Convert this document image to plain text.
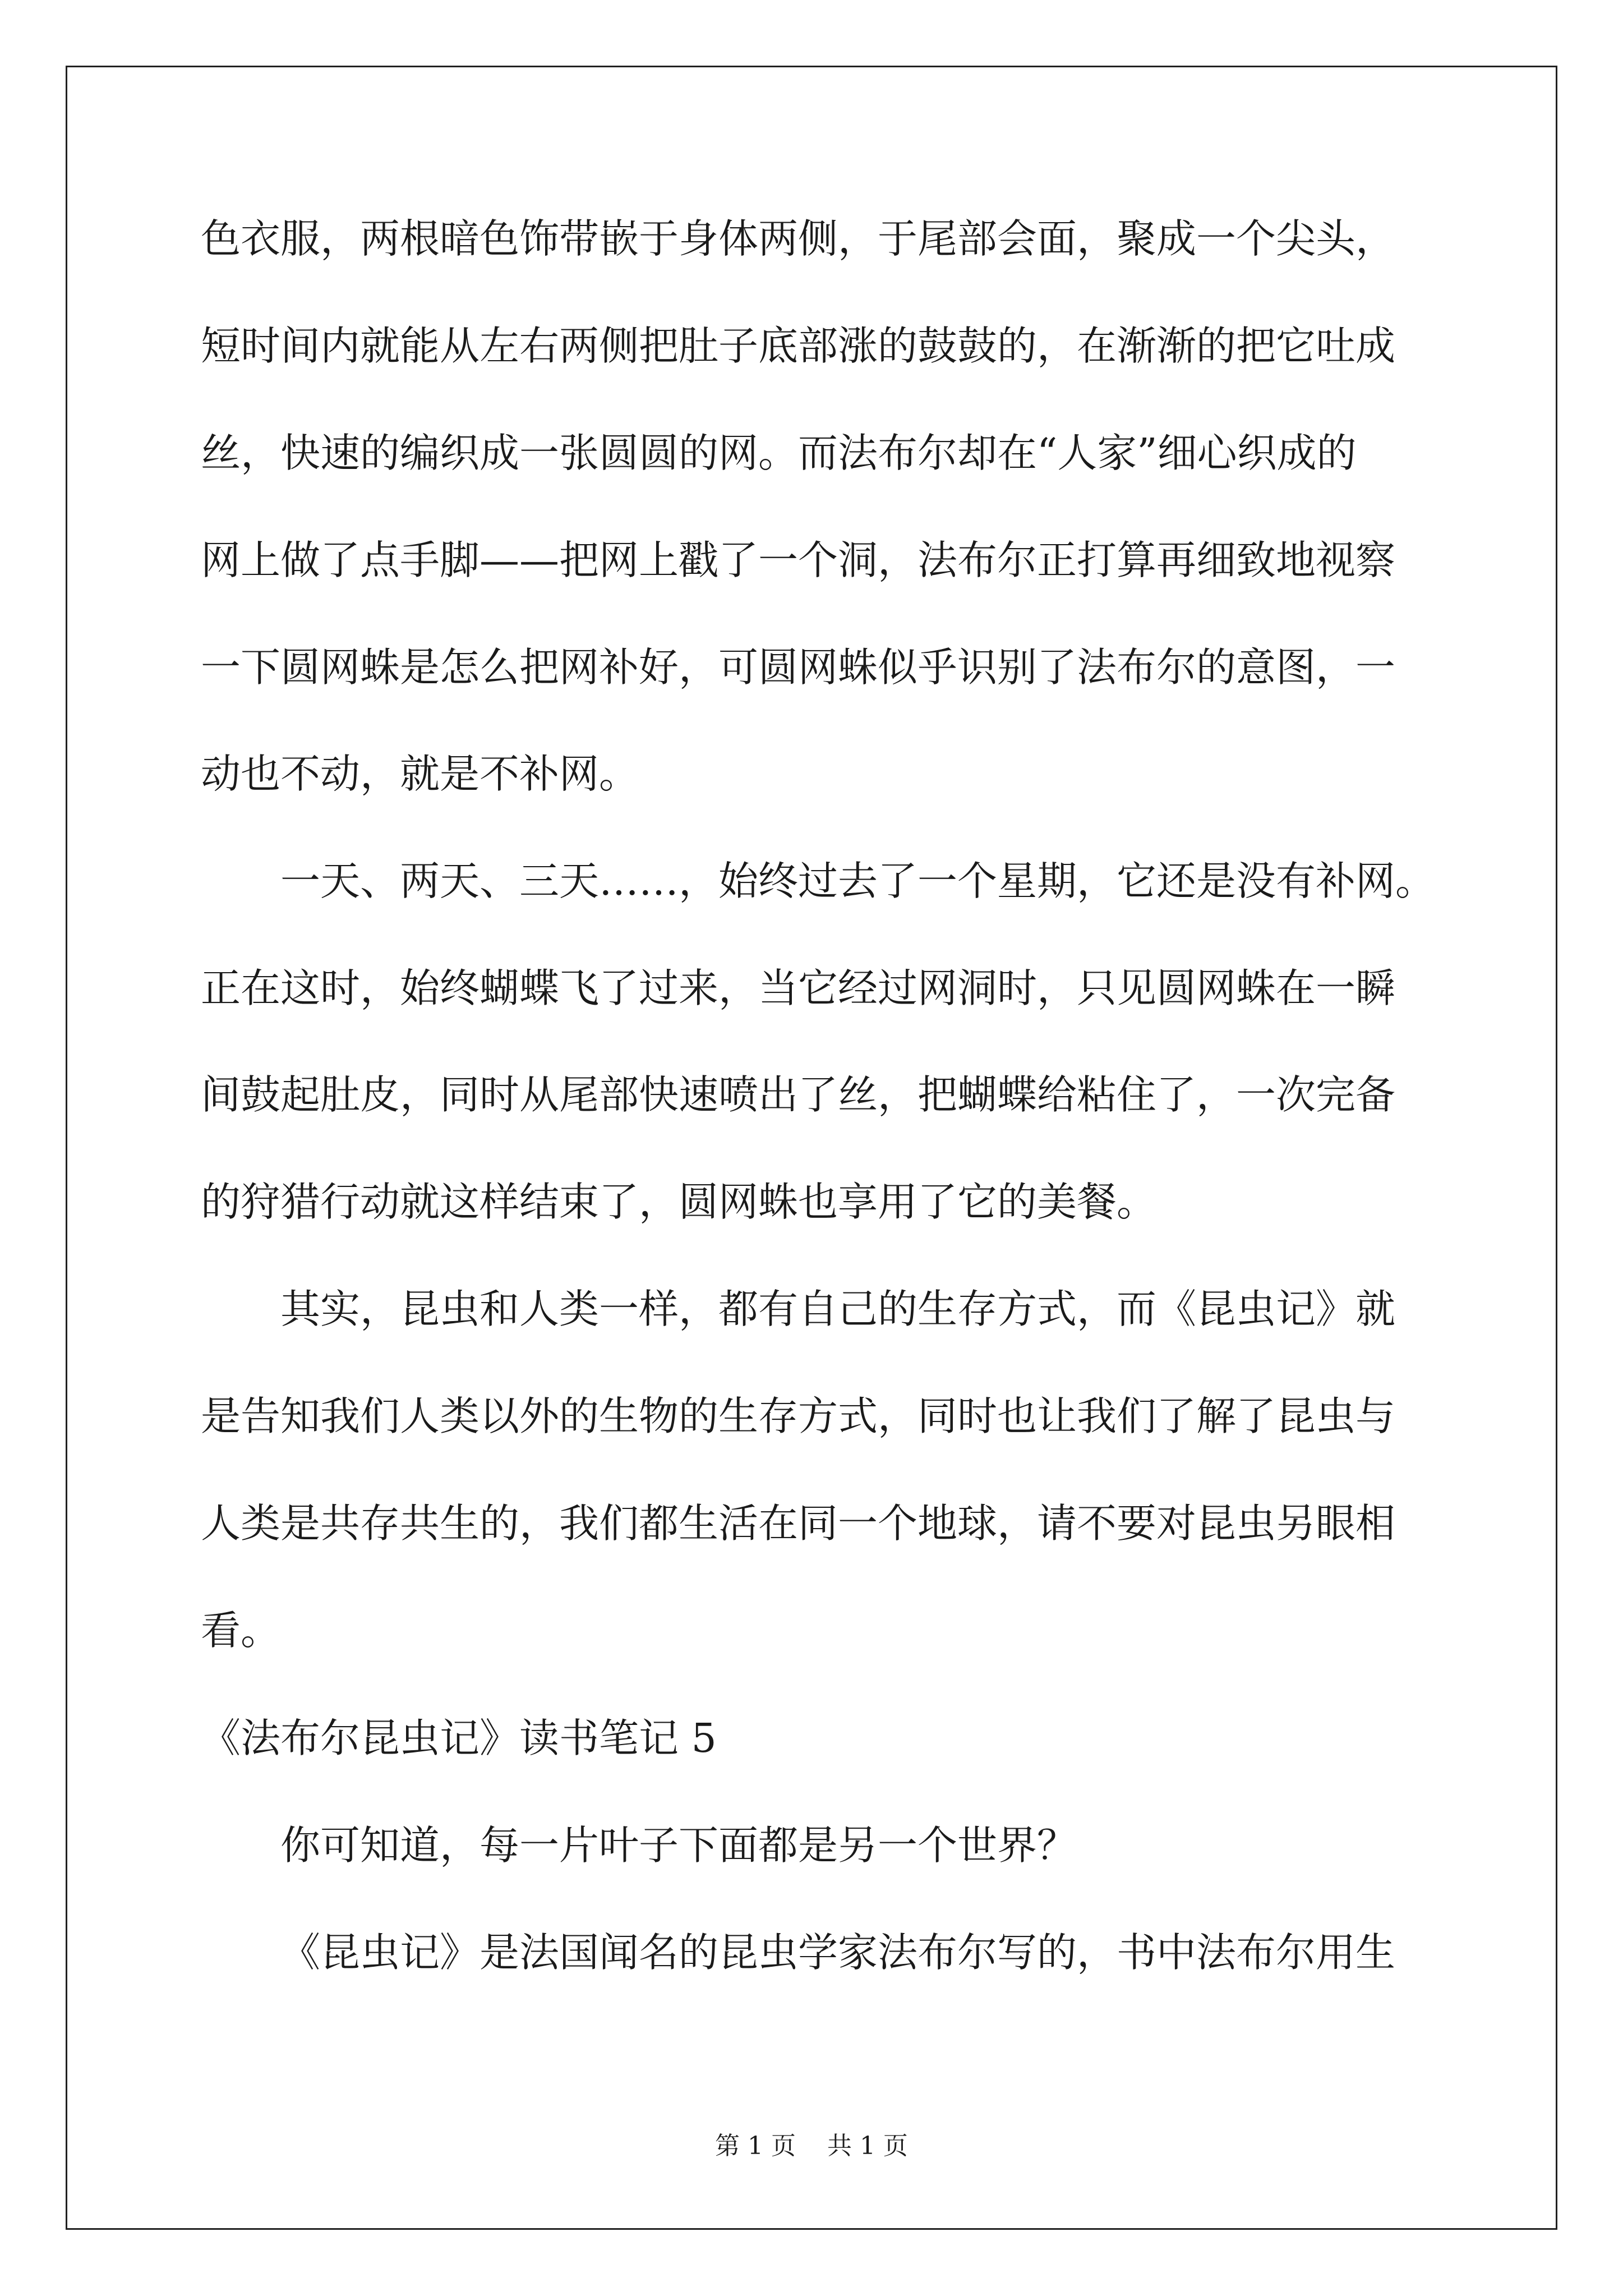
色衣服，两根暗色饰带嵌于身体两侧，于尾部会面，聚成一个尖头，
短时间内就能从左右两侧把肚子底部涨的鼓鼓的，在渐渐的把它吐成
丝，快速的编织成一张圆圆的网。而法布尔却在“人家”细心织成的
网上做了点手脚——把网上戳了一个洞，法布尔正打算再细致地视察
一下圆网蛛是怎么把网补好，可圆网蛛似乎识别了法布尔的意图，一
动也不动，就是不补网。
一天、两天、三天……，始终过去了一个星期，它还是没有补网。
正在这时，始终蝴蝶飞了过来，当它经过网洞时，只见圆网蛛在一瞬
间鼓起肚皮，同时从尾部快速喷出了丝，把蝴蝶给粘住了，一次完备
的狩猎行动就这样结束了，圆网蛛也享用了它的美餐。
其实，昆虫和人类一样，都有自己的生存方式，而《昆虫记》就
是告知我们人类以外的生物的生存方式，同时也让我们了解了昆虫与
人类是共存共生的，我们都生活在同一个地球，请不要对昆虫另眼相
看。
《法布尔昆虫记》读书笔记 5
你可知道，每一片叶子下面都是另一个世界？
《昆虫记》是法国闻名的昆虫学家法布尔写的，书中法布尔用生
第 1 页    共 1 页
